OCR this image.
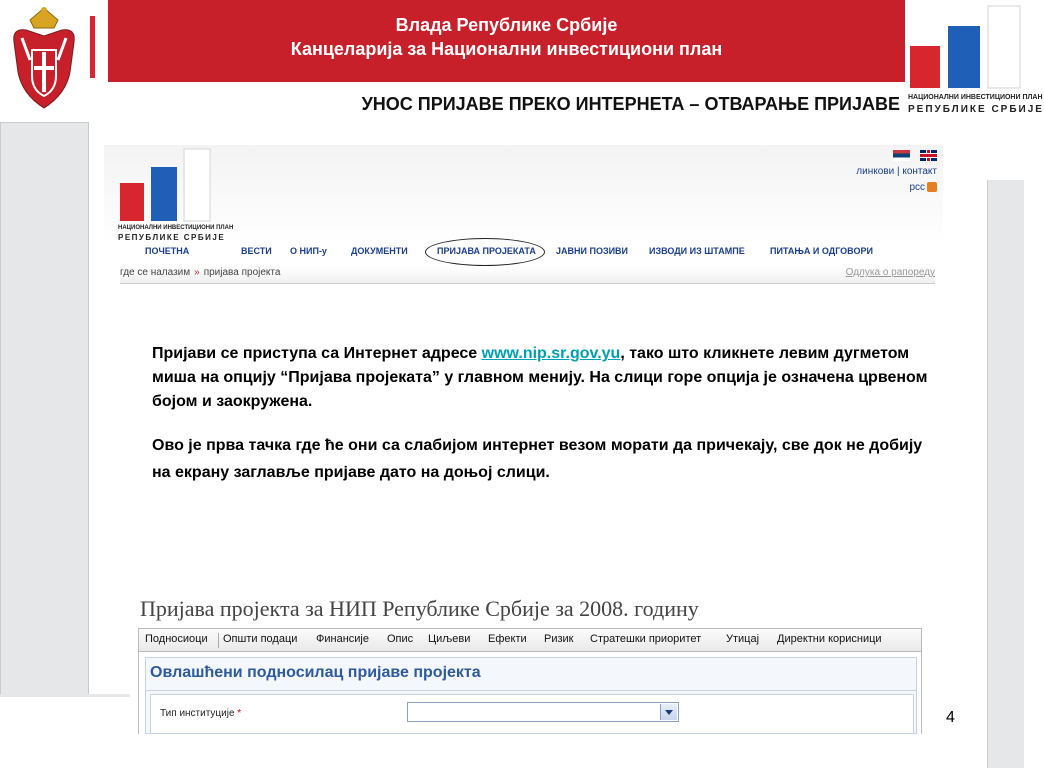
Влада Републике Србије
Канцеларија за Национални инвестициони план
НАЦИОНАЛНИ ИНВЕСТИЦИОНИ ПЛАН
РЕПУБЛИКЕ СРБИЈЕ
УНОС ПРИЈАВЕ ПРЕКО ИНТЕРНЕТА – ОТВАРАЊЕ ПРИЈАВЕ
НАЦИОНАЛНИ ИНВЕСТИЦИОНИ ПЛАН
РЕПУБЛИКЕ СРБИЈЕ

линкови | контакт
рсс
ПОЧЕТНА	ВЕСТИ О НИП-у	ДОКУМЕНТИ	ПРИЈАВА ПРОЈЕКАТА ЈАВНИ ПОЗИВИ ИЗВОДИ ИЗ ШТАМПЕ	ПИТАЊА И ОДГОВОРИ
где се налазим » пријава пројекта	Одлука о рaпореду

Пријави се приступа са Интернет адресе www.nip.sr.gov.yu, тако што кликнете левим дугметом миша на опцију “Пријава пројеката” у главном менију. На слици горе опција је означена црвеном бојом и заокружена.

Ово је прва тачка где ће они са слабијом интернет везом морати да причекају, све док не добију на екрану заглавље пријаве дато на доњој слици.

Пријава пројекта за НИП Републике Србије за 2008. годину
Подносиоци Општи подаци Финансије Опис Циљеви Ефекти Ризик Стратешки приоритет Утицај Директни корисници
Овлашћени подносилац пријаве пројекта
Тип институције *	4
